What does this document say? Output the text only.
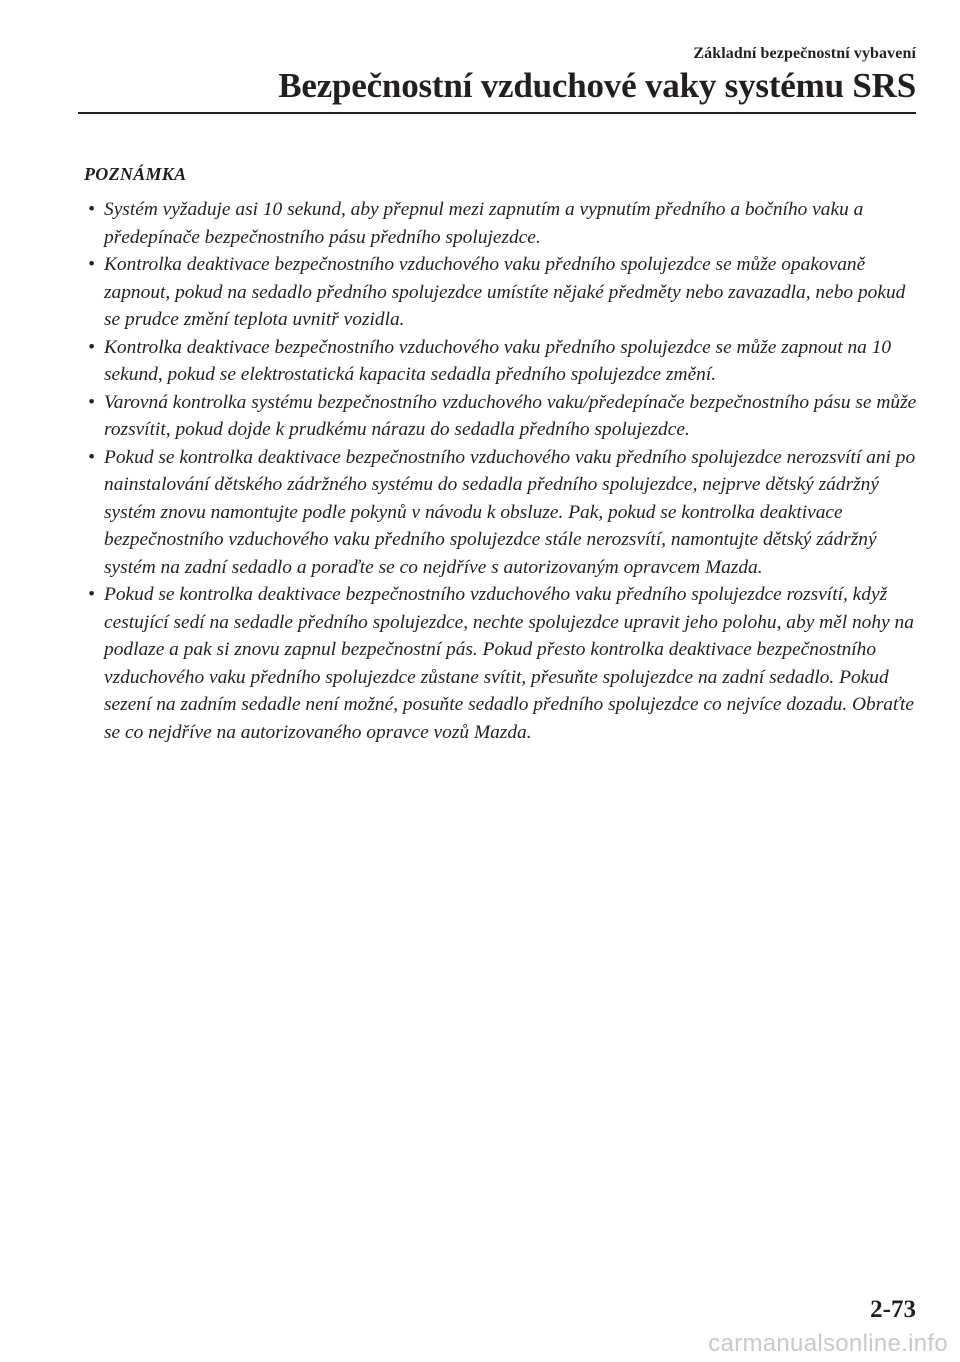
Základní bezpečnostní vybavení
Bezpečnostní vzduchové vaky systému SRS
POZNÁMKA
• Systém vyžaduje asi 10 sekund, aby přepnul mezi zapnutím a vypnutím předního a bočního vaku a předepínače bezpečnostního pásu předního spolujezdce.
• Kontrolka deaktivace bezpečnostního vzduchového vaku předního spolujezdce se může opakovaně zapnout, pokud na sedadlo předního spolujezdce umístíte nějaké předměty nebo zavazadla, nebo pokud se prudce změní teplota uvnitř vozidla.
• Kontrolka deaktivace bezpečnostního vzduchového vaku předního spolujezdce se může zapnout na 10 sekund, pokud se elektrostatická kapacita sedadla předního spolujezdce změní.
• Varovná kontrolka systému bezpečnostního vzduchového vaku/předepínače bezpečnostního pásu se může rozsvítit, pokud dojde k prudkému nárazu do sedadla předního spolujezdce.
• Pokud se kontrolka deaktivace bezpečnostního vzduchového vaku předního spolujezdce nerozsvítí ani po nainstalování dětského zádržného systému do sedadla předního spolujezdce, nejprve dětský zádržný systém znovu namontujte podle pokynů v návodu k obsluze. Pak, pokud se kontrolka deaktivace bezpečnostního vzduchového vaku předního spolujezdce stále nerozsvítí, namontujte dětský zádržný systém na zadní sedadlo a poraďte se co nejdříve s autorizovaným opravcem Mazda.
• Pokud se kontrolka deaktivace bezpečnostního vzduchového vaku předního spolujezdce rozsvítí, když cestující sedí na sedadle předního spolujezdce, nechte spolujezdce upravit jeho polohu, aby měl nohy na podlaze a pak si znovu zapnul bezpečnostní pás. Pokud přesto kontrolka deaktivace bezpečnostního vzduchového vaku předního spolujezdce zůstane svítit, přesuňte spolujezdce na zadní sedadlo. Pokud sezení na zadním sedadle není možné, posuňte sedadlo předního spolujezdce co nejvíce dozadu. Obraťte se co nejdříve na autorizovaného opravce vozů Mazda.
2-73
carmanualsonline.info
